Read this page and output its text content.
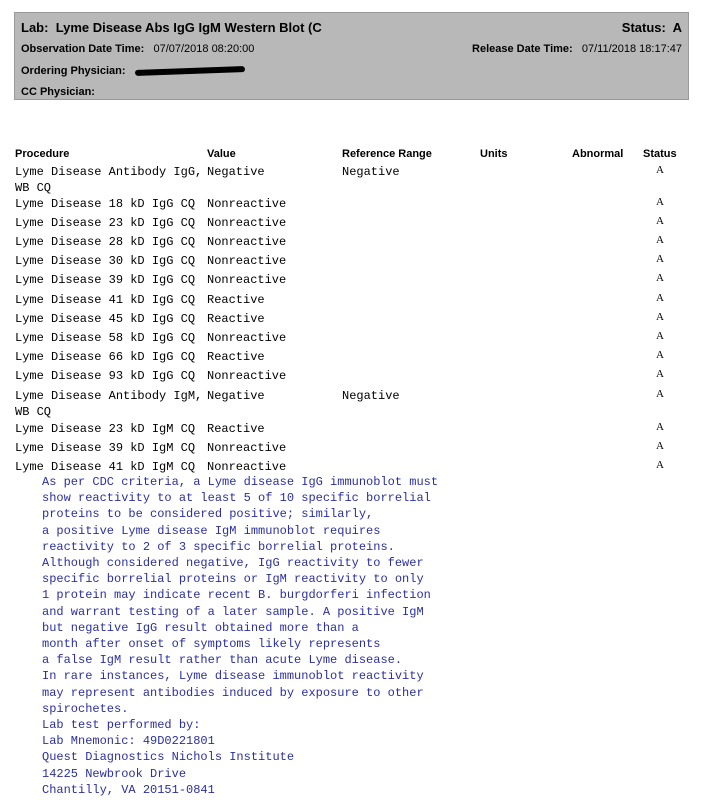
Lab: Lyme Disease Abs IgG IgM Western Blot (C	Status: A
Observation Date Time: 07/07/2018 08:20:00	Release Date Time: 07/11/2018 18:17:47
Ordering Physician:
CC Physician:
Procedure	Value	Reference Range	Units	Abnormal Status
Lyme Disease Antibody IgG, WB CQ
Negative	Negative	A
Lyme Disease 18 kD IgG CQ Nonreactive	A
Lyme Disease 23 kD IgG CQ Nonreactive	A
Lyme Disease 28 kD IgG CQ Nonreactive	A
Lyme Disease 30 kD IgG CQ Nonreactive	A
Lyme Disease 39 kD IgG CQ Nonreactive	A
Lyme Disease 41 kD IgG CQ Reactive	A
Lyme Disease 45 kD IgG CQ Reactive	A
Lyme Disease 58 kD IgG CQ Nonreactive	A
Lyme Disease 66 kD IgG CQ Reactive	A
Lyme Disease 93 kD IgG CQ Nonreactive	A
Lyme Disease Antibody IgM, WB CQ
Negative	Negative	A
Lyme Disease 23 kD IgM CQ Reactive	A
Lyme Disease 39 kD IgM CQ Nonreactive	A
Lyme Disease 41 kD IgM CQ Nonreactive	A
As per CDC criteria, a Lyme disease IgG immunoblot must
show reactivity to at least 5 of 10 specific borrelial
proteins to be considered positive; similarly,
a positive Lyme disease IgM immunoblot requires
reactivity to 2 of 3 specific borrelial proteins.
Although considered negative, IgG reactivity to fewer
specific borrelial proteins or IgM reactivity to only
1 protein may indicate recent B. burgdorferi infection
and warrant testing of a later sample. A positive IgM
but negative IgG result obtained more than a
month after onset of symptoms likely represents
a false IgM result rather than acute Lyme disease.
In rare instances, Lyme disease immunoblot reactivity
may represent antibodies induced by exposure to other
spirochetes.
Lab test performed by:
Lab Mnemonic: 49D0221801
Quest Diagnostics Nichols Institute
14225 Newbrook Drive
Chantilly, VA 20151-0841
